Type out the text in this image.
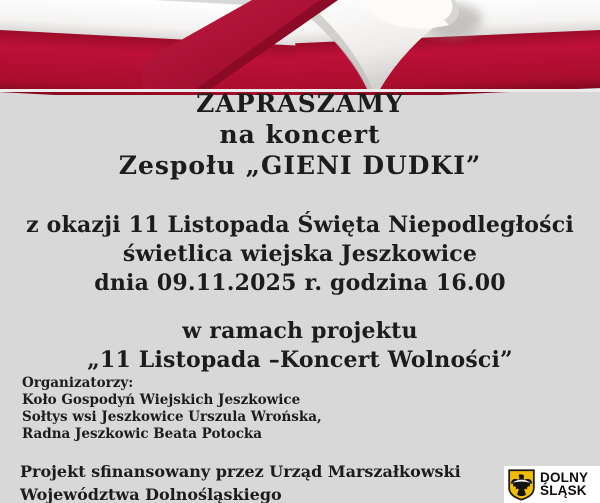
ZAPRASZAMY
na koncert
Zespołu „GIENI DUDKI”
z okazji 11 Listopada Święta Niepodległości
świetlica wiejska Jeszkowice
dnia 09.11.2025 r. godzina 16.00
w ramach projektu
„11 Listopada –Koncert Wolności”
Organizatorzy:
Koło Gospodyń Wiejskich Jeszkowice
Sołtys wsi Jeszkowice Urszula Wrońska,
Radna Jeszkowic Beata Potocka
Projekt sfinansowany przez Urząd Marszałkowski Województwa Dolnośląskiego
DOLNY
ŚLĄSK
